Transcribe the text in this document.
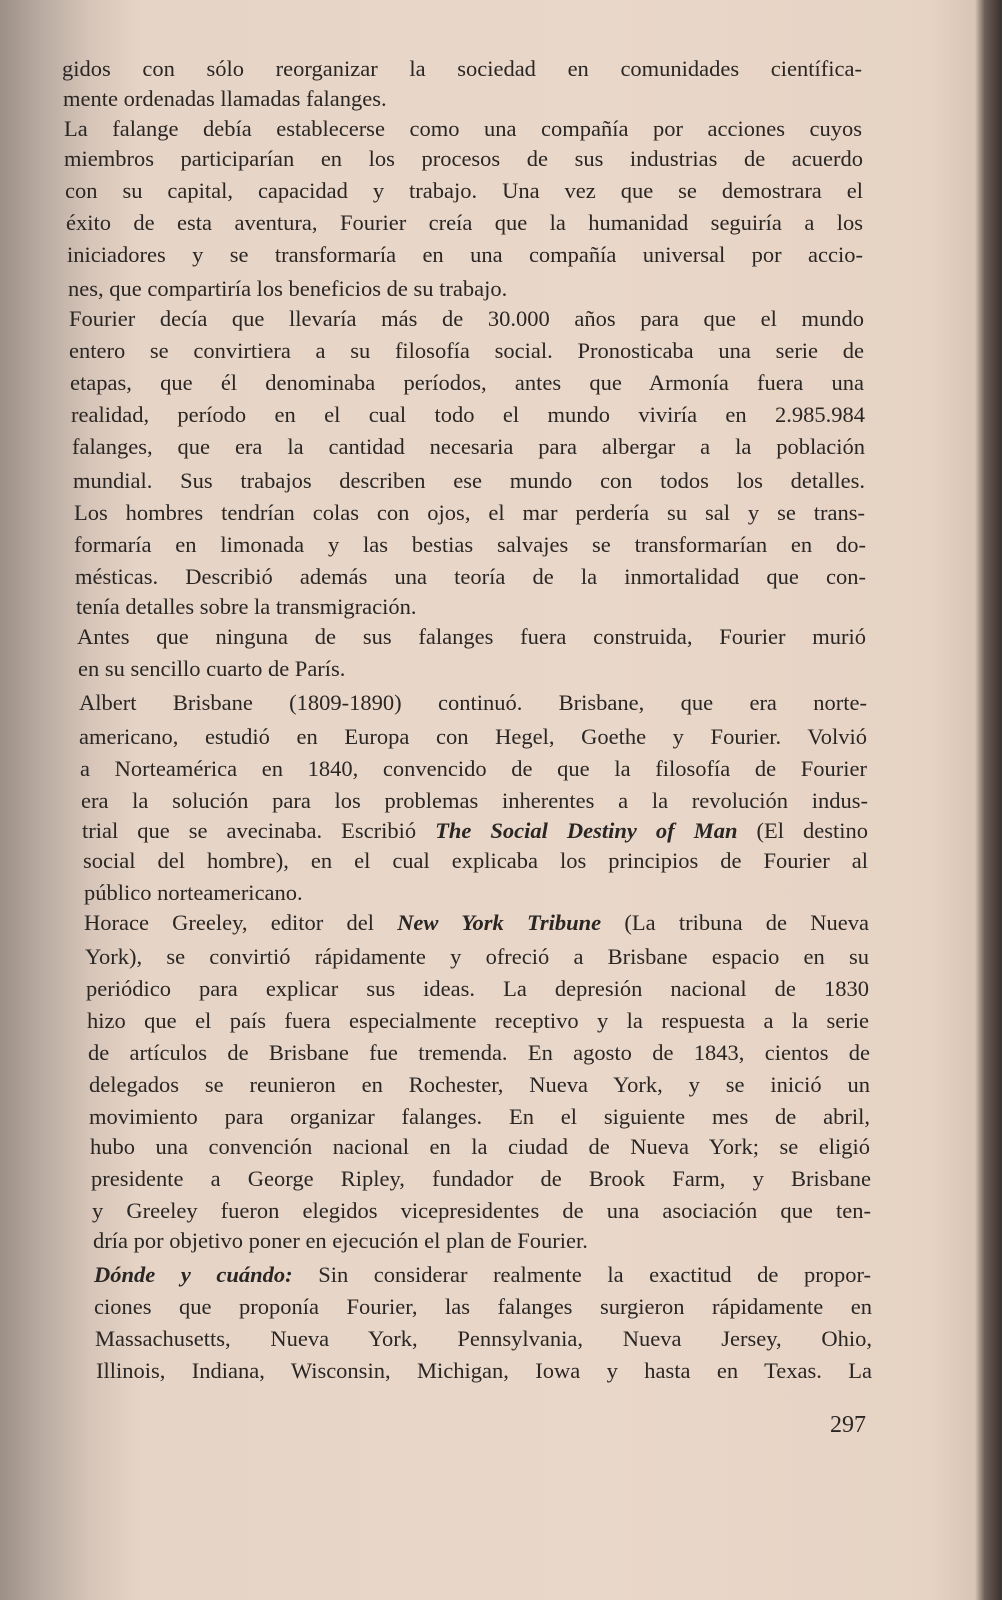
gidos con sólo reorganizar la sociedad en comunidades científica-
mente ordenadas llamadas falanges.
La falange debía establecerse como una compañía por acciones cuyos
miembros participarían en los procesos de sus industrias de acuerdo
con su capital, capacidad y trabajo. Una vez que se demostrara el
éxito de esta aventura, Fourier creía que la humanidad seguiría a los
iniciadores y se transformaría en una compañía universal por accio-
nes, que compartiría los beneficios de su trabajo.
Fourier decía que llevaría más de 30.000 años para que el mundo
entero se convirtiera a su filosofía social. Pronosticaba una serie de
etapas, que él denominaba períodos, antes que Armonía fuera una
realidad, período en el cual todo el mundo viviría en 2.985.984
falanges, que era la cantidad necesaria para albergar a la población
mundial. Sus trabajos describen ese mundo con todos los detalles.
Los hombres tendrían colas con ojos, el mar perdería su sal y se trans-
formaría en limonada y las bestias salvajes se transformarían en do-
mésticas. Describió además una teoría de la inmortalidad que con-
tenía detalles sobre la transmigración.
Antes que ninguna de sus falanges fuera construida, Fourier murió
en su sencillo cuarto de París.
Albert Brisbane (1809-1890) continuó. Brisbane, que era norte-
americano, estudió en Europa con Hegel, Goethe y Fourier. Volvió
a Norteamérica en 1840, convencido de que la filosofía de Fourier
era la solución para los problemas inherentes a la revolución indus-
trial que se avecinaba. Escribió The Social Destiny of Man (El destino
social del hombre), en el cual explicaba los principios de Fourier al
público norteamericano.
Horace Greeley, editor del New York Tribune (La tribuna de Nueva
York), se convirtió rápidamente y ofreció a Brisbane espacio en su
periódico para explicar sus ideas. La depresión nacional de 1830
hizo que el país fuera especialmente receptivo y la respuesta a la serie
de artículos de Brisbane fue tremenda. En agosto de 1843, cientos de
delegados se reunieron en Rochester, Nueva York, y se inició un
movimiento para organizar falanges. En el siguiente mes de abril,
hubo una convención nacional en la ciudad de Nueva York; se eligió
presidente a George Ripley, fundador de Brook Farm, y Brisbane
y Greeley fueron elegidos vicepresidentes de una asociación que ten-
dría por objetivo poner en ejecución el plan de Fourier.
Dónde y cuándo: Sin considerar realmente la exactitud de propor-
ciones que proponía Fourier, las falanges surgieron rápidamente en
Massachusetts, Nueva York, Pennsylvania, Nueva Jersey, Ohio,
Illinois, Indiana, Wisconsin, Michigan, Iowa y hasta en Texas. La
297
